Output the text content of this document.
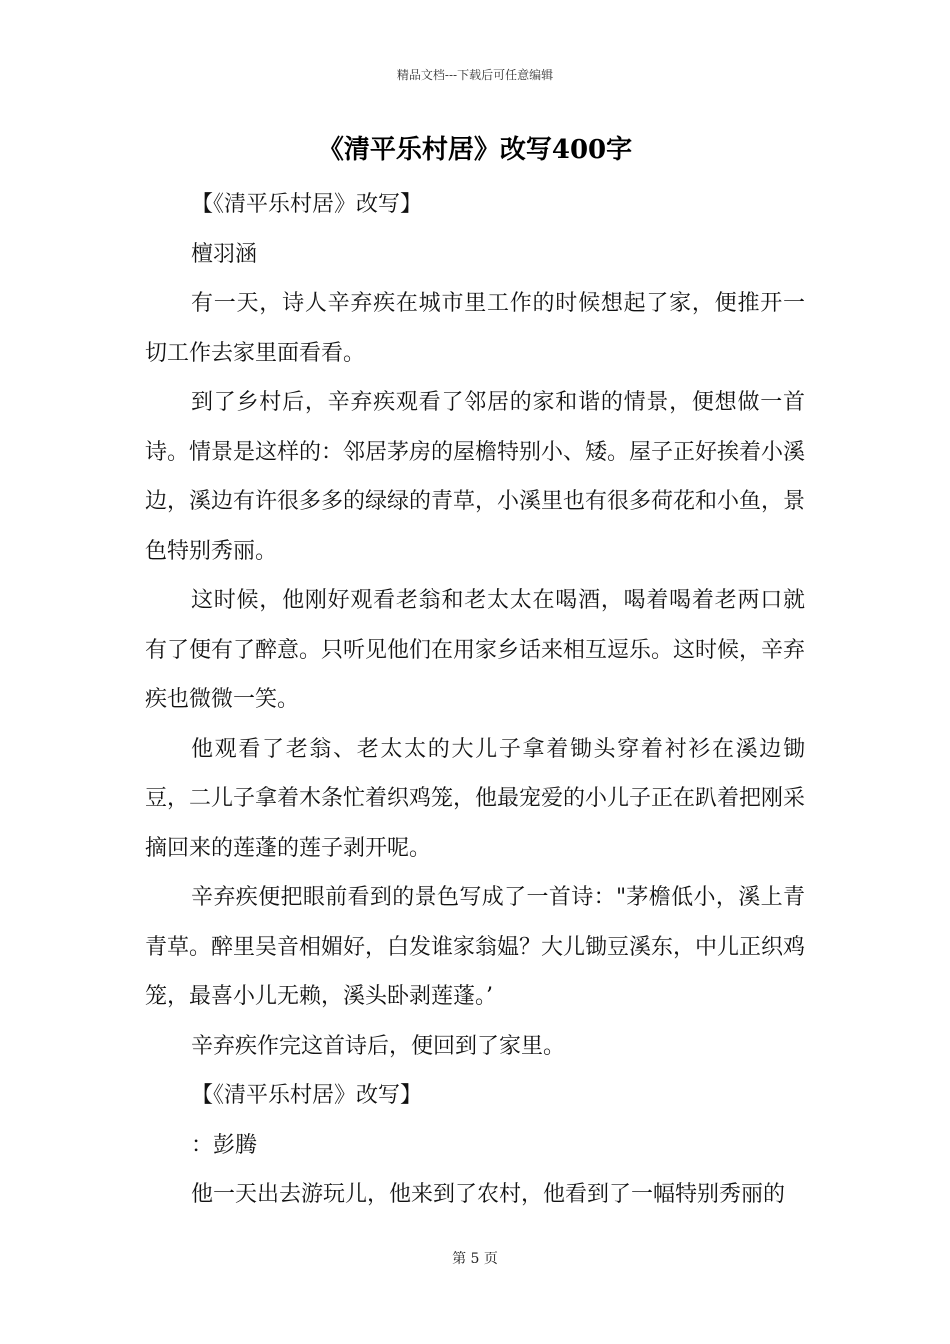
精品文档---下载后可任意编辑
《清平乐村居》改写400字

【《清平乐村居》改写】

檀羽涵

有一天，诗人辛弃疾在城市里工作的时候想起了家，便推开一切工作去家里面看看。

到了乡村后，辛弃疾观看了邻居的家和谐的情景，便想做一首诗。情景是这样的：邻居茅房的屋檐特别小、矮。屋子正好挨着小溪边，溪边有许很多多的绿绿的青草，小溪里也有很多荷花和小鱼，景色特别秀丽。

这时候，他刚好观看老翁和老太太在喝酒，喝着喝着老两口就有了便有了醉意。只听见他们在用家乡话来相互逗乐。这时候，辛弃疾也微微一笑。

他观看了老翁、老太太的大儿子拿着锄头穿着衬衫在溪边锄豆，二儿子拿着木条忙着织鸡笼，他最宠爱的小儿子正在趴着把刚采摘回来的莲蓬的莲子剥开呢。

辛弃疾便把眼前看到的景色写成了一首诗："茅檐低小，溪上青青草。醉里吴音相媚好，白发谁家翁媪？大儿锄豆溪东，中儿正织鸡笼，最喜小儿无赖，溪头卧剥莲蓬。’

辛弃疾作完这首诗后，便回到了家里。

【《清平乐村居》改写】

：彭腾

他一天出去游玩儿，他来到了农村，他看到了一幅特别秀丽的

第 5 页
